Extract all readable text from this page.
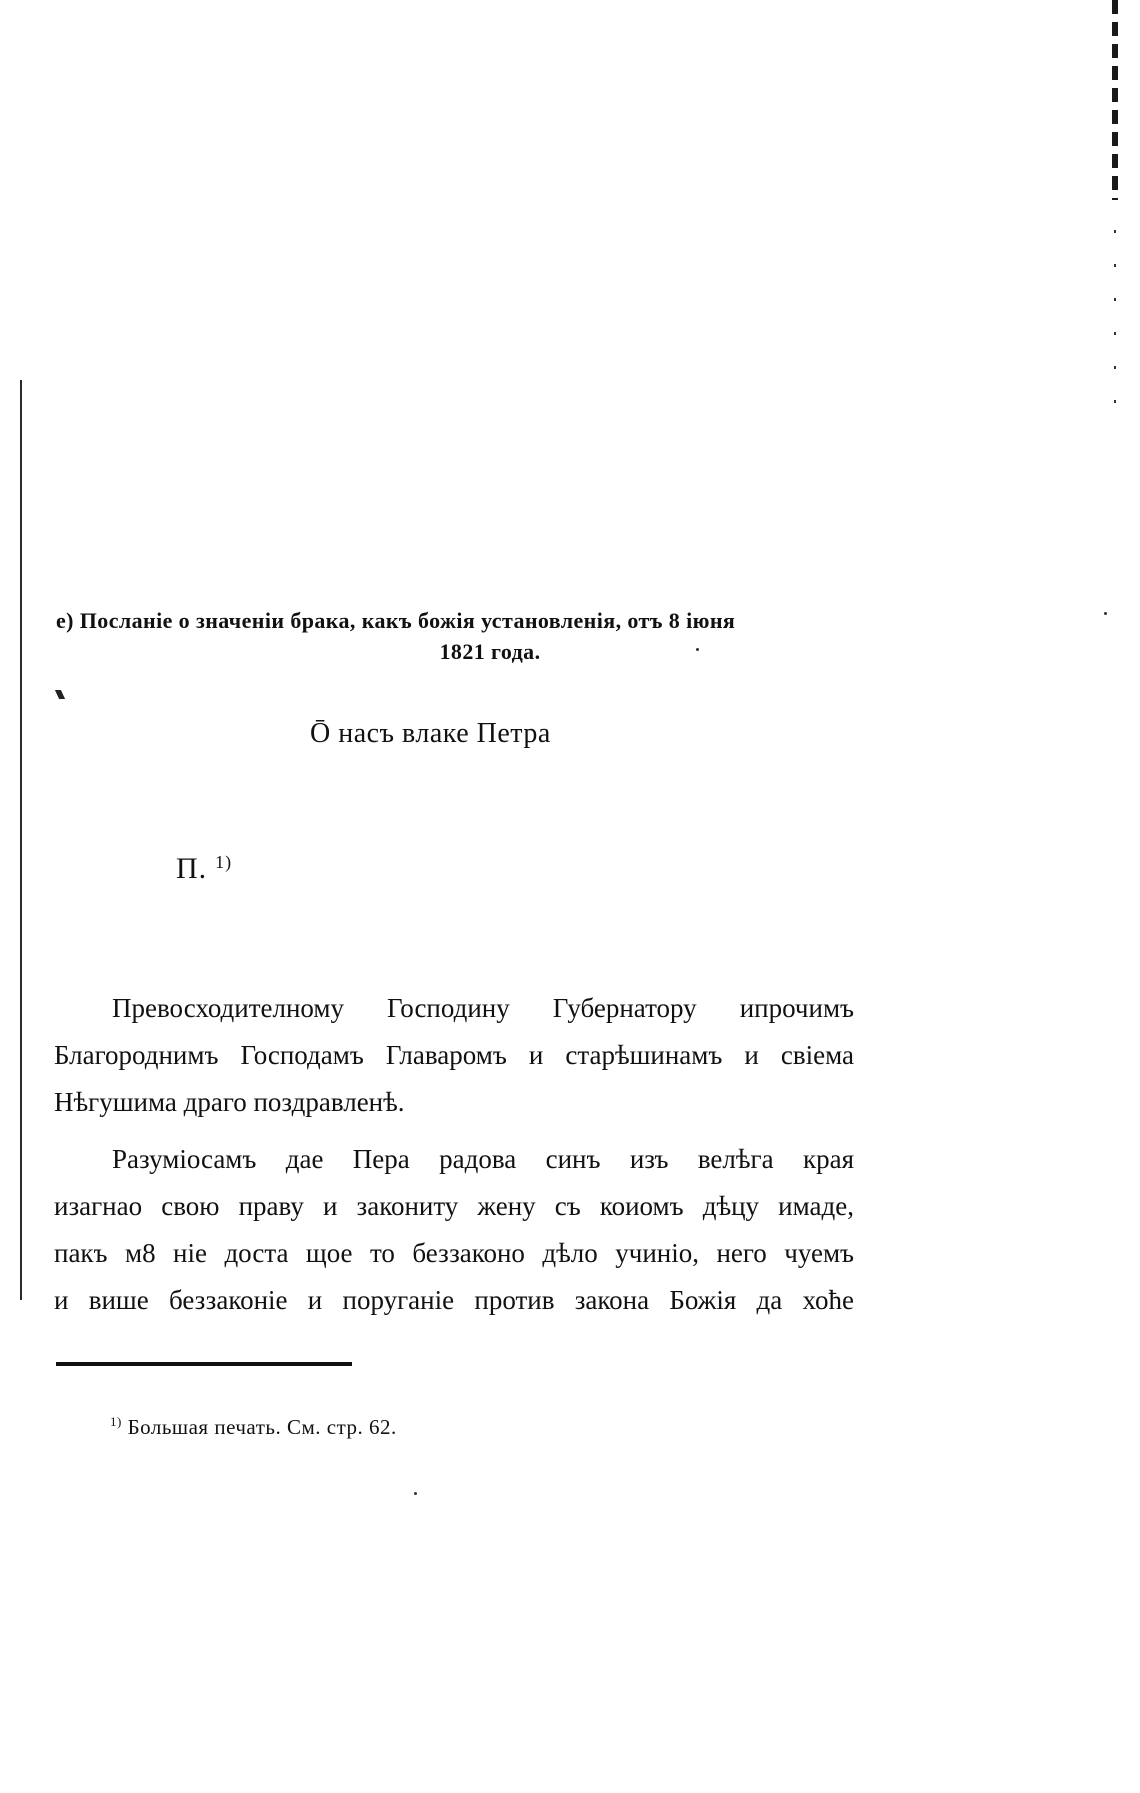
е) Посланіе о значеніи брака, какъ божія установленія, отъ 8 іюня
1821 года.
Ō насъ влаке Петра
П. $^{1)}$

Превосходителному Господину Губернатору ипрочимъ
Благороднимъ Господамъ Главаромъ и старѣшинамъ и свіема
Нѣгушима драго поздравленѣ.

Разуміосамъ дае Пера радова синъ изъ велѣга края
изагнао свою праву и закониту жену съ коиомъ дѣцу имаде,
пакъ м8 ніе доста щое то беззаконо дѣло учиніо, него чуемъ
и више беззаконіе и поруганіе против закона Божія да хоће

$^{1)}$ Большая печать. См. стр. 62.
